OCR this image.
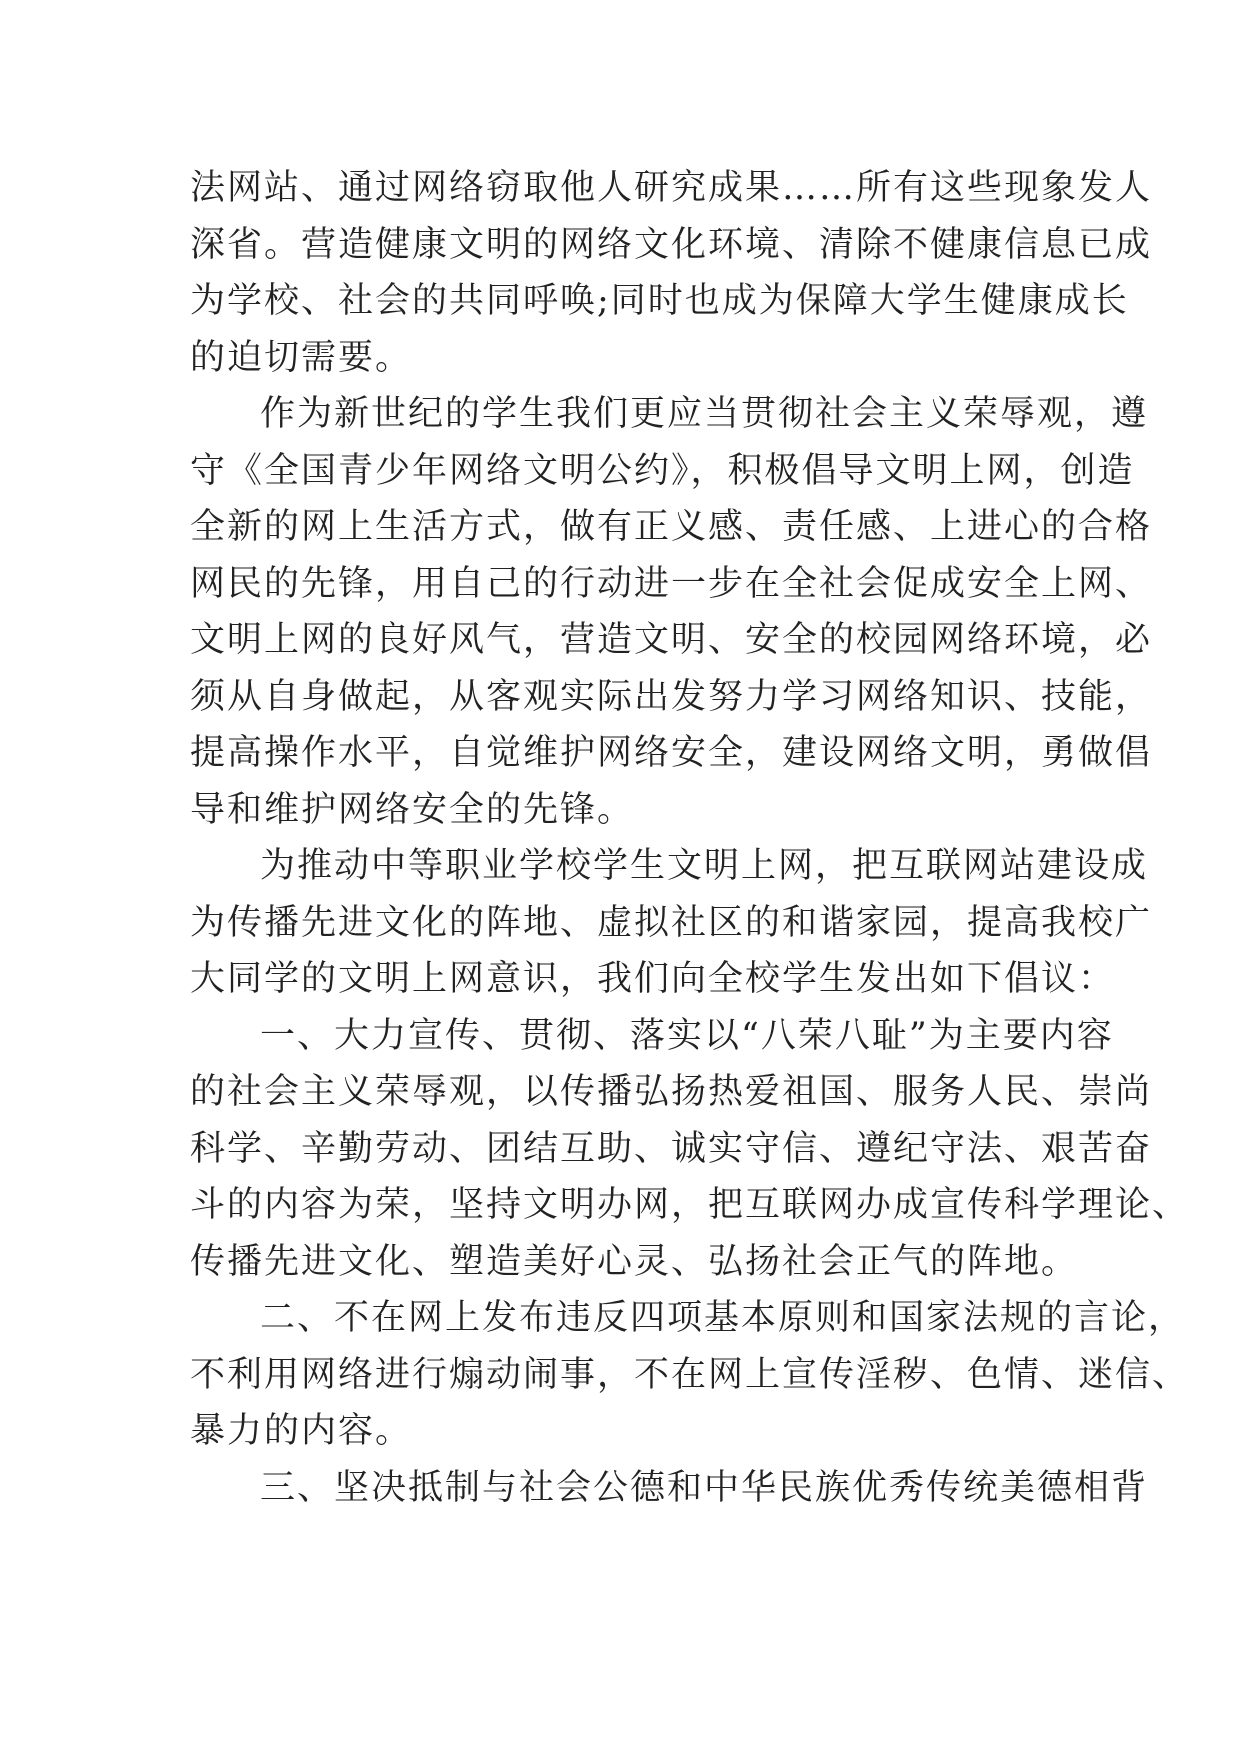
法网站、通过网络窃取他人研究成果……所有这些现象发人
深省。营造健康文明的网络文化环境、清除不健康信息已成
为学校、社会的共同呼唤;同时也成为保障大学生健康成长
的迫切需要。
作为新世纪的学生我们更应当贯彻社会主义荣辱观，遵
守《全国青少年网络文明公约》，积极倡导文明上网，创造
全新的网上生活方式，做有正义感、责任感、上进心的合格
网民的先锋，用自己的行动进一步在全社会促成安全上网、
文明上网的良好风气，营造文明、安全的校园网络环境，必
须从自身做起，从客观实际出发努力学习网络知识、技能，
提高操作水平，自觉维护网络安全，建设网络文明，勇做倡
导和维护网络安全的先锋。
为推动中等职业学校学生文明上网，把互联网站建设成
为传播先进文化的阵地、虚拟社区的和谐家园，提高我校广
大同学的文明上网意识，我们向全校学生发出如下倡议：
一、大力宣传、贯彻、落实以“八荣八耻”为主要内容
的社会主义荣辱观，以传播弘扬热爱祖国、服务人民、崇尚
科学、辛勤劳动、团结互助、诚实守信、遵纪守法、艰苦奋
斗的内容为荣，坚持文明办网，把互联网办成宣传科学理论、
传播先进文化、塑造美好心灵、弘扬社会正气的阵地。
二、不在网上发布违反四项基本原则和国家法规的言论，
不利用网络进行煽动闹事，不在网上宣传淫秽、色情、迷信、
暴力的内容。
三、坚决抵制与社会公德和中华民族优秀传统美德相背
